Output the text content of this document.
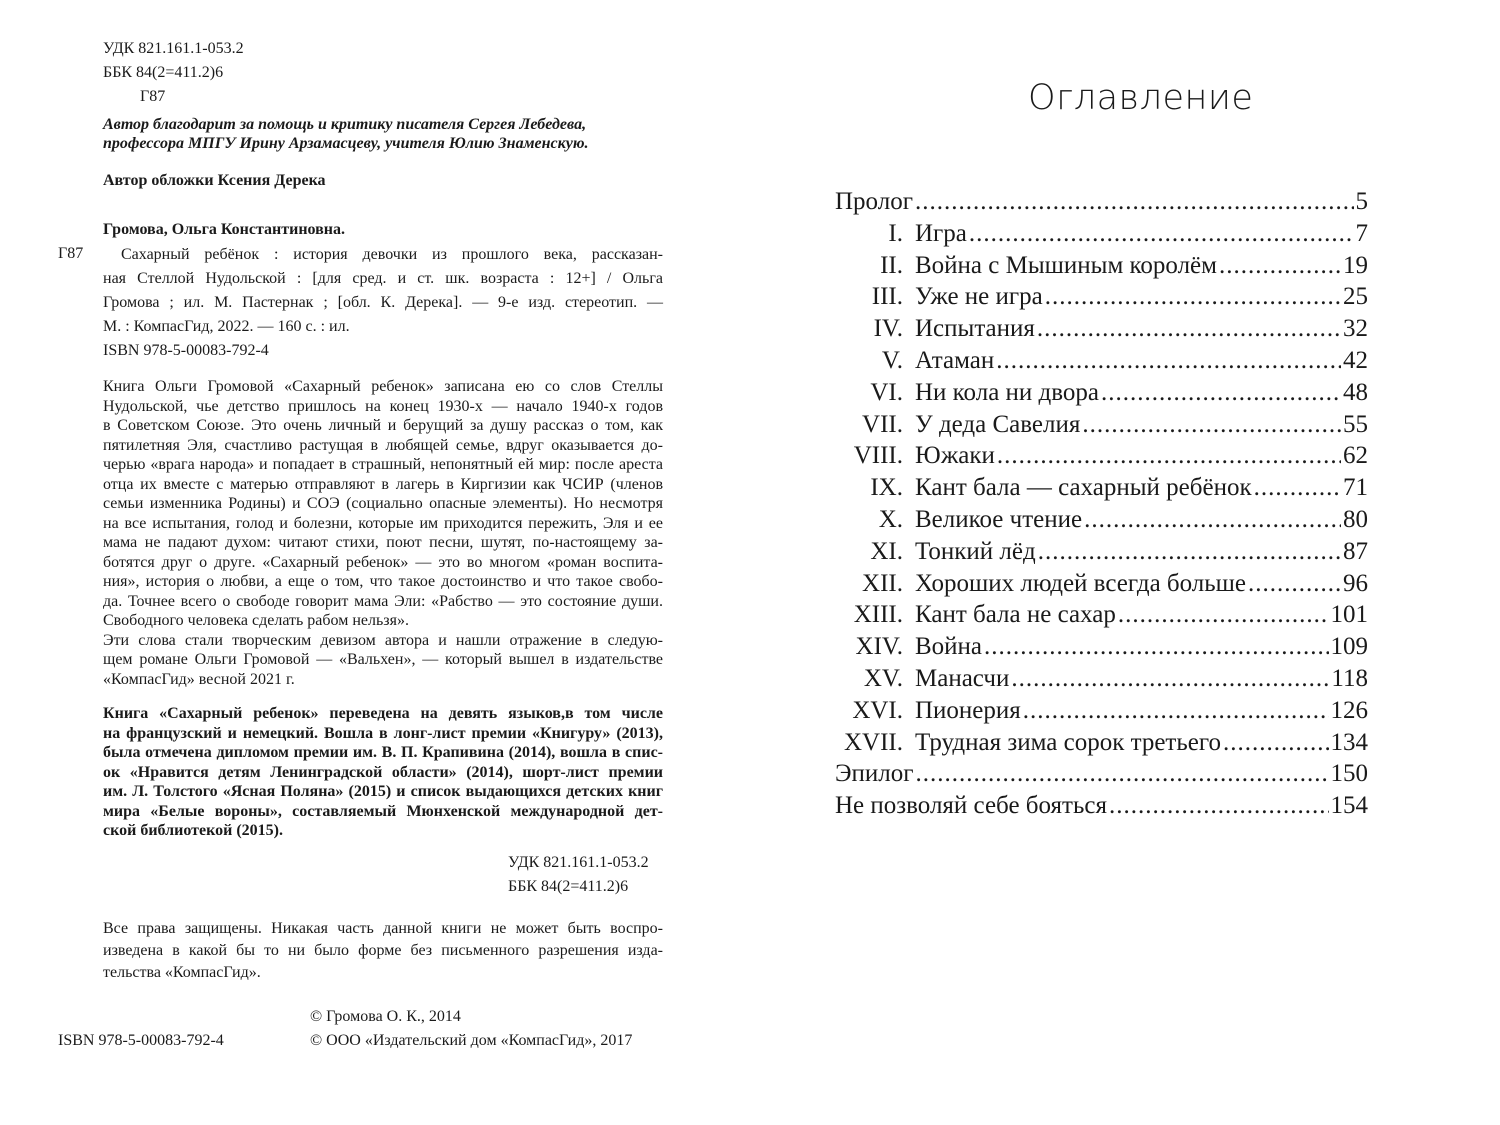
УДК 821.161.1-053.2
ББК 84(2=411.2)6
Г87
Автор благодарит за помощь и критику писателя Сергея Лебедева,
профессора МПГУ Ирину Арзамасцеву, учителя Юлию Знаменскую.
Автор обложки Ксения Дерека
Громова, Ольга Константиновна.
Г87	Сахарный ребёнок : история девочки из прошлого века, рассказан-
ная Стеллой Нудольской : [для сред. и ст. шк. возраста : 12+] / Ольга
Громова ; ил. М. Пастернак ; [обл. К. Дерека]. — 9-е изд. стереотип. —
М. : КомпасГид, 2022. — 160 с. : ил.
ISBN 978-5-00083-792-4
Книга Ольги Громовой «Сахарный ребенок» записана ею со слов Стеллы
Нудольской, чье детство пришлось на конец 1930-х — начало 1940-х годов
в Советском Союзе. Это очень личный и берущий за душу рассказ о том, как
пятилетняя Эля, счастливо растущая в любящей семье, вдруг оказывается до-
черью «врага народа» и попадает в страшный, непонятный ей мир: после ареста
отца их вместе с матерью отправляют в лагерь в Киргизии как ЧСИР (членов
семьи изменника Родины) и СОЭ (социально опасные элементы). Но несмотря
на все испытания, голод и болезни, которые им приходится пережить, Эля и ее
мама не падают духом: читают стихи, поют песни, шутят, по-настоящему за-
ботятся друг о друге. «Сахарный ребенок» — это во многом «роман воспита-
ния», история о любви, а еще о том, что такое достоинство и что такое свобо-
да. Точнее всего о свободе говорит мама Эли: «Рабство — это состояние души.
Свободного человека сделать рабом нельзя».
Эти слова стали творческим девизом автора и нашли отражение в следую-
щем романе Ольги Громовой — «Вальхен», — который вышел в издательстве
«КомпасГид» весной 2021 г.
Книга «Сахарный ребенок» переведена на девять языков,в том числе
на французский и немецкий. Вошла в лонг-лист премии «Книгуру» (2013),
была отмечена дипломом премии им. В. П. Крапивина (2014), вошла в спис-
ок «Нравится детям Ленинградской области» (2014), шорт-лист премии
им. Л. Толстого «Ясная Поляна» (2015) и список выдающихся детских книг
мира «Белые вороны», составляемый Мюнхенской международной дет-
ской библиотекой (2015).
УДК 821.161.1-053.2
ББК 84(2=411.2)6
Все права защищены. Никакая часть данной книги не может быть воспро-
изведена в какой бы то ни было форме без письменного разрешения изда-
тельства «КомпасГид».
© Громова О. К., 2014
ISBN 978-5-00083-792-4	© ООО «Издательский дом «КомпасГид», 2017
Оглавление
Пролог .....	5
I. Игра .....	7
II. Война с Мышиным королём .....	19
III. Уже не игра .....	25
IV. Испытания .....	32
V. Атаман .....	42
VI. Ни кола ни двора .....	48
VII. У деда Савелия .....	55
VIII. Южаки .....	62
IX. Кант бала — сахарный ребёнок .....	71
X. Великое чтение .....	80
XI. Тонкий лёд .....	87
XII. Хороших людей всегда больше .....	96
XIII. Кант бала не сахар .....	101
XIV. Война .....	109
XV. Манасчи .....	118
XVI. Пионерия .....	126
XVII. Трудная зима сорок третьего .....	134
Эпилог .....	150
Не позволяй себе бояться .....	154
